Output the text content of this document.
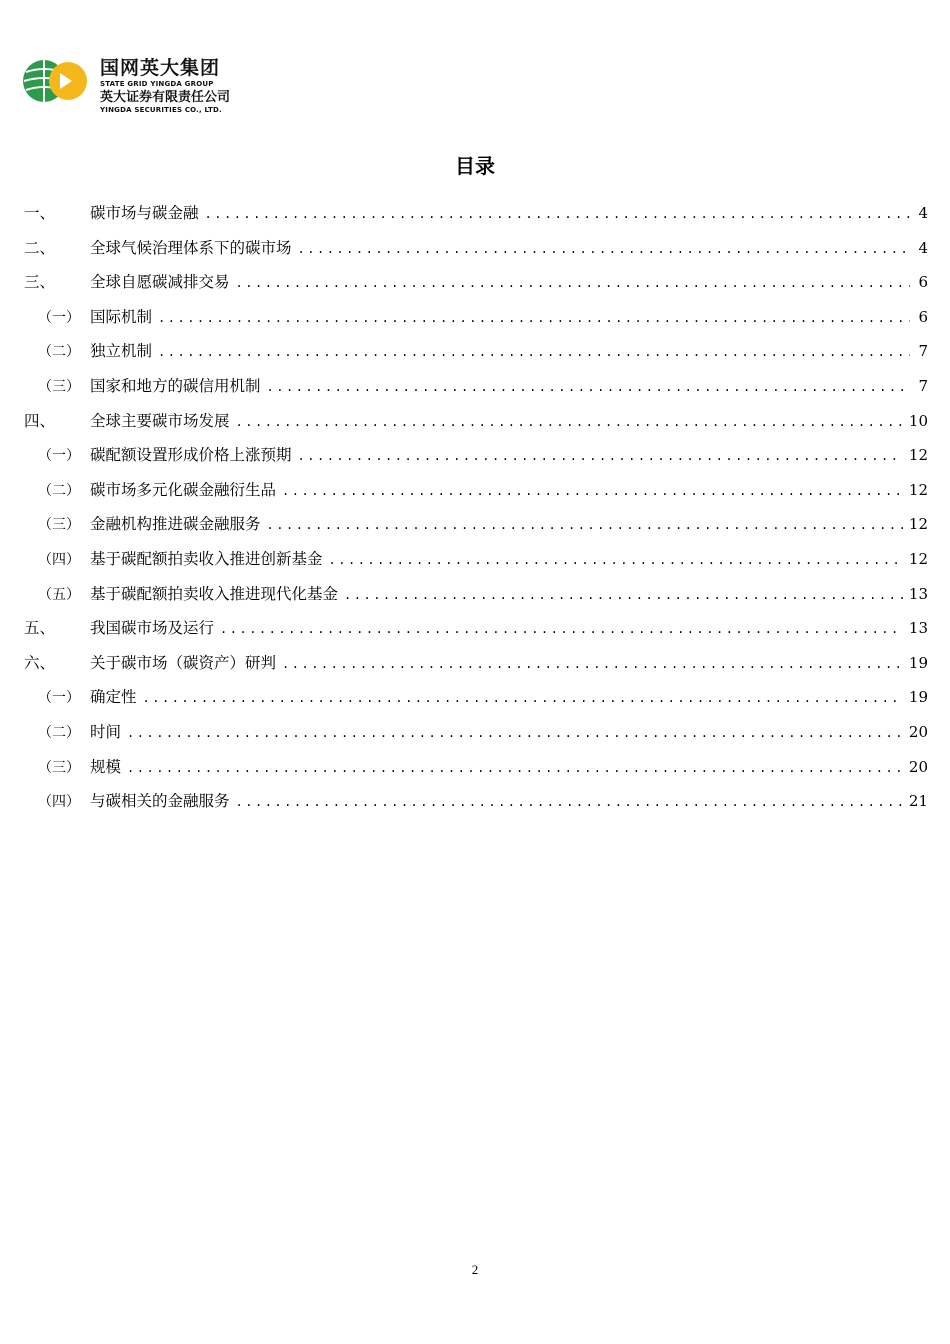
国网英大集团
STATE GRID YINGDA GROUP
英大证券有限责任公司
YINGDA SECURITIES CO., LTD.
目录
一、	碳市场与碳金融 .....	4
二、	全球气候治理体系下的碳市场 .....	4
三、	全球自愿碳减排交易 .....	6
（一） 国际机制 .....	6
（二） 独立机制 .....	7
（三） 国家和地方的碳信用机制 .....	7
四、	全球主要碳市场发展 .....	10
（一） 碳配额设置形成价格上涨预期 .....	12
（二） 碳市场多元化碳金融衍生品 .....	12
（三） 金融机构推进碳金融服务 .....	12
（四） 基于碳配额拍卖收入推进创新基金 .....	12
（五） 基于碳配额拍卖收入推进现代化基金 .....	13
五、	我国碳市场及运行 .....	13
六、	关于碳市场（碳资产）研判 .....	19
（一） 确定性 .....	19
（二） 时间 .....	20
（三） 规模 .....	20
（四） 与碳相关的金融服务 .....	21
2
